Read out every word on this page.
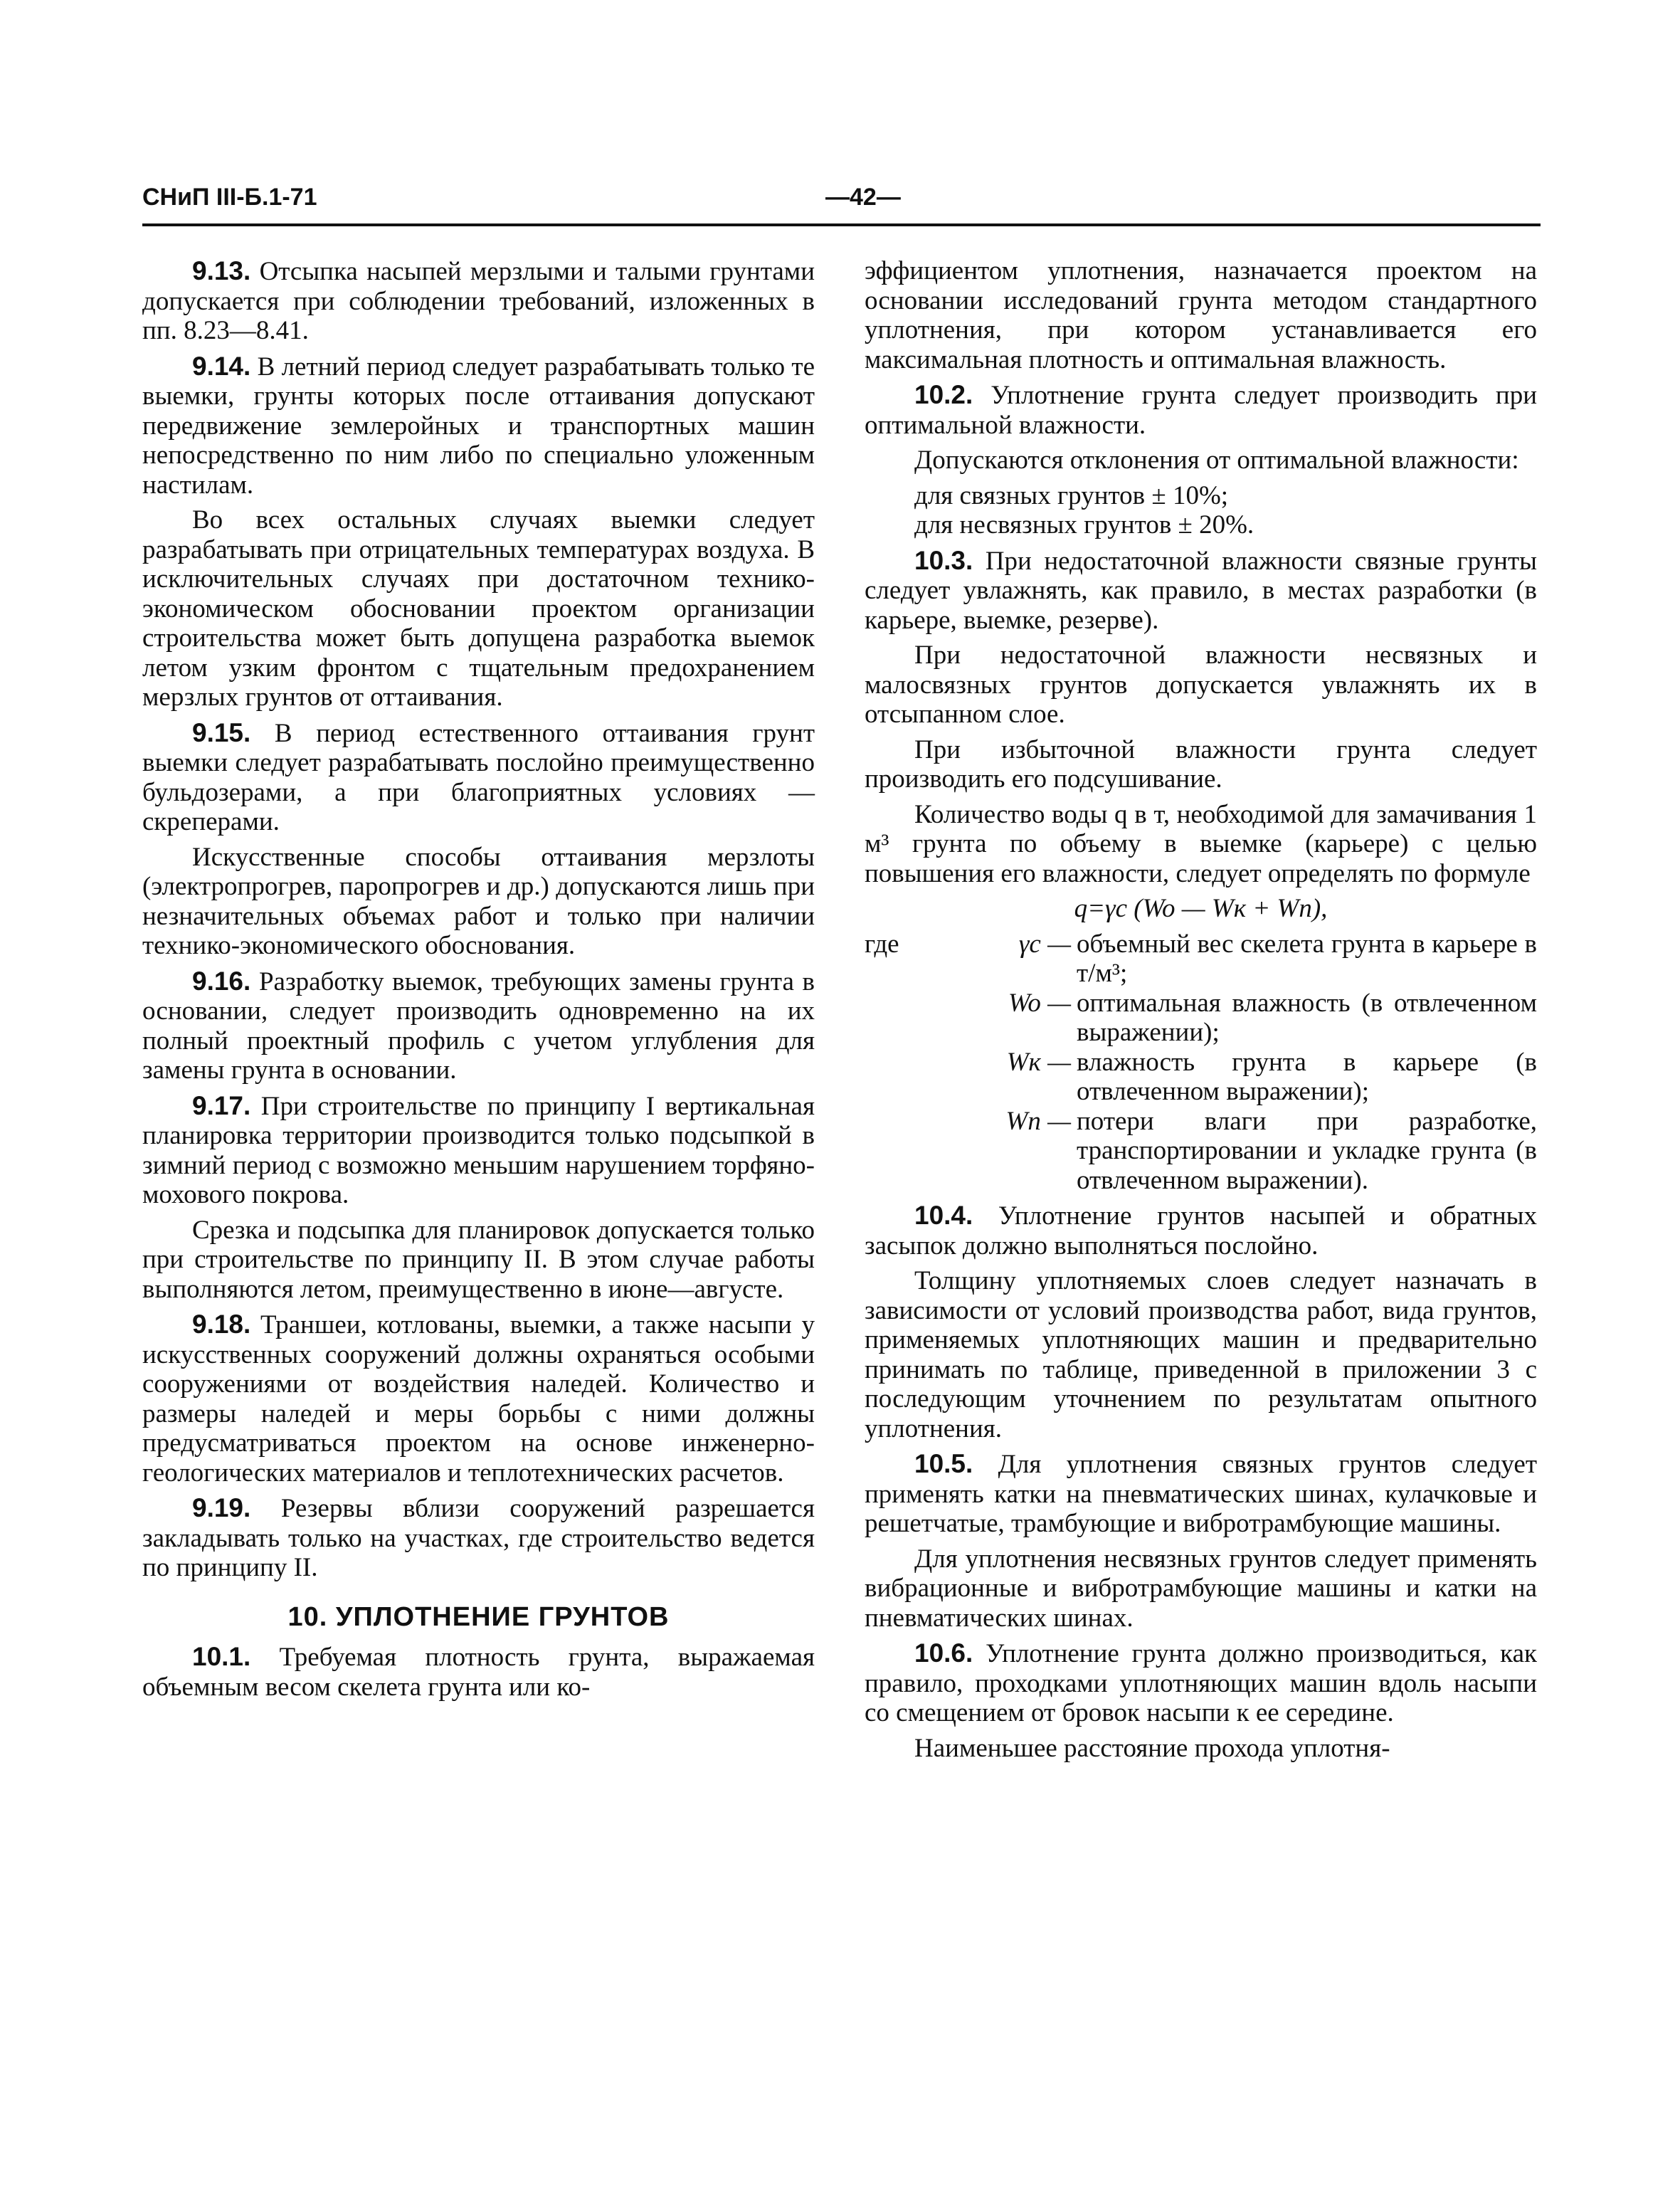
СНиП III-Б.1-71	—42—

9.13. Отсыпка насыпей мерзлыми и талыми грунтами допускается при соблюдении требований, изложенных в пп. 8.23—8.41.

9.14. В летний период следует разрабатывать только те выемки, грунты которых после оттаивания допускают передвижение землеройных и транспортных машин непосредственно по ним либо по специально уложенным настилам.

Во всех остальных случаях выемки следует разрабатывать при отрицательных температурах воздуха. В исключительных случаях при достаточном технико-экономическом обосновании проектом организации строительства может быть допущена разработка выемок летом узким фронтом с тщательным предохранением мерзлых грунтов от оттаивания.

9.15. В период естественного оттаивания грунт выемки следует разрабатывать послойно преимущественно бульдозерами, а при благоприятных условиях — скреперами.

Искусственные способы оттаивания мерзлоты (электропрогрев, паропрогрев и др.) допускаются лишь при незначительных объемах работ и только при наличии технико-экономического обоснования.

9.16. Разработку выемок, требующих замены грунта в основании, следует производить одновременно на их полный проектный профиль с учетом углубления для замены грунта в основании.

9.17. При строительстве по принципу I вертикальная планировка территории производится только подсыпкой в зимний период с возможно меньшим нарушением торфяно-мохового покрова.

Срезка и подсыпка для планировок допускается только при строительстве по принципу II. В этом случае работы выполняются летом, преимущественно в июне—августе.

9.18. Траншеи, котлованы, выемки, а также насыпи у искусственных сооружений должны охраняться особыми сооружениями от воздействия наледей. Количество и размеры наледей и меры борьбы с ними должны предусматриваться проектом на основе инженерно-геологических материалов и теплотехнических расчетов.

9.19. Резервы вблизи сооружений разрешается закладывать только на участках, где строительство ведется по принципу II.

10. УПЛОТНЕНИЕ ГРУНТОВ

10.1. Требуемая плотность грунта, выражаемая объемным весом скелета грунта или ко-

эффициентом уплотнения, назначается проектом на основании исследований грунта методом стандартного уплотнения, при котором устанавливается его максимальная плотность и оптимальная влажность.

10.2. Уплотнение грунта следует производить при оптимальной влажности.

Допускаются отклонения от оптимальной влажности:

для связных грунтов ± 10%;

для несвязных грунтов ± 20%.

10.3. При недостаточной влажности связные грунты следует увлажнять, как правило, в местах разработки (в карьере, выемке, резерве).

При недостаточной влажности несвязных и малосвязных грунтов допускается увлажнять их в отсыпанном слое.

При избыточной влажности грунта следует производить его подсушивание.

Количество воды q в т, необходимой для замачивания 1 м³ грунта по объему в выемке (карьере) с целью повышения его влажности, следует определять по формуле

q=γc (Wo — Wк + Wп),

где	γc —	объемный вес скелета грунта в карьере в т/м³;
	Wo —	оптимальная влажность (в отвлеченном выражении);
	Wк —	влажность грунта в карьере (в отвлеченном выражении);
	Wп —	потери влаги при разработке, транспортировании и укладке грунта (в отвлеченном выражении).

10.4. Уплотнение грунтов насыпей и обратных засыпок должно выполняться послойно.

Толщину уплотняемых слоев следует назначать в зависимости от условий производства работ, вида грунтов, применяемых уплотняющих машин и предварительно принимать по таблице, приведенной в приложении 3 с последующим уточнением по результатам опытного уплотнения.

10.5. Для уплотнения связных грунтов следует применять катки на пневматических шинах, кулачковые и решетчатые, трамбующие и вибротрамбующие машины.

Для уплотнения несвязных грунтов следует применять вибрационные и вибротрамбующие машины и катки на пневматических шинах.

10.6. Уплотнение грунта должно производиться, как правило, проходками уплотняющих машин вдоль насыпи со смещением от бровок насыпи к ее середине.

Наименьшее расстояние прохода уплотня-
